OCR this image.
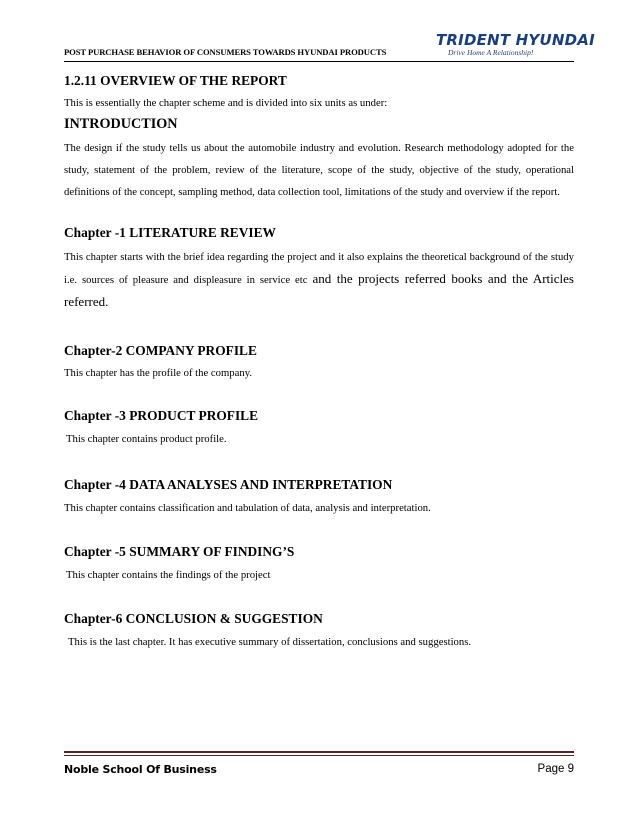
POST PURCHASE BEHAVIOR OF CONSUMERS TOWARDS HYUNDAI PRODUCTS
TRIDENT HYUNDAI
Drive Home A Relationship!
1.2.11 OVERVIEW OF THE REPORT

This is essentially the chapter scheme and is divided into six units as under:

INTRODUCTION

The design if the study tells us about the automobile industry and evolution. Research methodology adopted for the study, statement of the problem, review of the literature, scope of the study, objective of the study, operational definitions of the concept, sampling method, data collection tool, limitations of the study and overview if the report.

Chapter -1 LITERATURE REVIEW

This chapter starts with the brief idea regarding the project and it also explains the theoretical background of the study i.e. sources of pleasure and displeasure in service etc and the projects referred books and the Articles referred.

Chapter-2 COMPANY PROFILE

This chapter has the profile of the company.

Chapter -3 PRODUCT PROFILE

This chapter contains product profile.

Chapter -4 DATA ANALYSES AND INTERPRETATION

This chapter contains classification and tabulation of data, analysis and interpretation.

Chapter -5 SUMMARY OF FINDING’S

This chapter contains the findings of the project

Chapter-6 CONCLUSION & SUGGESTION

This is the last chapter. It has executive summary of dissertation, conclusions and suggestions.

Noble School Of Business	Page 9
